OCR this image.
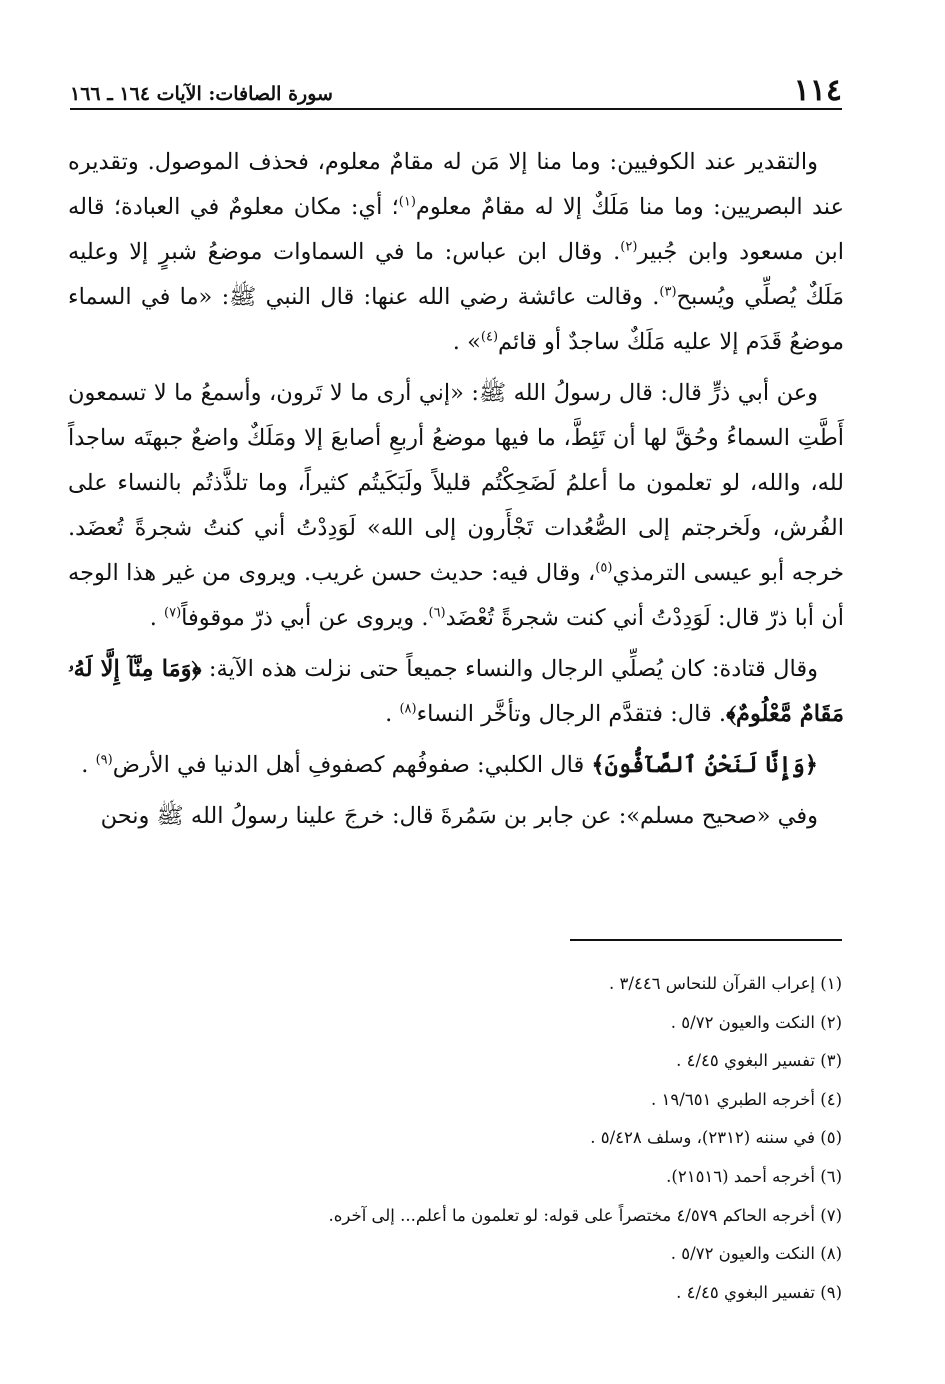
١١٤
سورة الصافات: الآيات ١٦٤ ـ ١٦٦

والتقدير عند الكوفيين: وما منا إلا مَن له مقامٌ معلوم، فحذف الموصول. وتقديره عند البصريين: وما منا مَلَكٌ إلا له مقامٌ معلوم$^{(١)}$؛ أي: مكان معلومٌ في العبادة؛ قاله ابن مسعود وابن جُبير$^{(٢)}$. وقال ابن عباس: ما في السماوات موضعُ شبرٍ إلا وعليه مَلَكٌ يُصلِّي ويُسبح$^{(٣)}$. وقالت عائشة رضي الله عنها: قال النبي ﷺ: «ما في السماء موضعُ قَدَم إلا عليه مَلَكٌ ساجدٌ أو قائم$^{(٤)}$» .

وعن أبي ذرٍّ قال: قال رسولُ الله ﷺ: «إني أرى ما لا تَرون، وأسمعُ ما لا تسمعون أَطَّتِ السماءُ وحُقَّ لها أن تَئِطَّ، ما فيها موضعُ أربعِ أصابعَ إلا ومَلَكٌ واضعٌ جبهتَه ساجداً لله، والله، لو تعلمون ما أعلمُ لَضَحِكْتُم قليلاً ولَبَكَيتُم كثيراً، وما تلذَّذتُم بالنساء على الفُرش، ولَخرجتم إلى الصُّعُدات تَجْأَرون إلى الله» لَوَدِدْتُ أني كنتُ شجرةً تُعضَد. خرجه أبو عيسى الترمذي$^{(٥)}$، وقال فيه: حديث حسن غريب. ويروى من غير هذا الوجه أن أبا ذرّ قال: لَوَدِدْتُ أني كنت شجرةً تُعْضَد$^{(٦)}$. ويروى عن أبي ذرّ موقوفاً$^{(٧)}$ .

وقال قتادة: كان يُصلِّي الرجال والنساء جميعاً حتى نزلت هذه الآية: ﴿وَمَا مِنَّآ إِلَّا لَهُۥ مَقَامٌ مَّعْلُومٌ﴾. قال: فتقدَّم الرجال وتأخَّر النساء$^{(٨)}$ .

﴿وَإِنَّا لَنَحْنُ ٱلصَّآفُّونَ﴾ قال الكلبي: صفوفُهم كصفوفِ أهل الدنيا في الأرض$^{(٩)}$ .

وفي «صحيح مسلم»: عن جابر بن سَمُرةَ قال: خرجَ علينا رسولُ الله ﷺ ونحن

(١) إعراب القرآن للنحاس ٣/٤٤٦ .
(٢) النكت والعيون ٥/٧٢ .
(٣) تفسير البغوي ٤/٤٥ .
(٤) أخرجه الطبري ١٩/٦٥١ .
(٥) في سننه (٢٣١٢)، وسلف ٥/٤٢٨ .
(٦) أخرجه أحمد (٢١٥١٦).
(٧) أخرجه الحاكم ٤/٥٧٩ مختصراً على قوله: لو تعلمون ما أعلم... إلى آخره.
(٨) النكت والعيون ٥/٧٢ .
(٩) تفسير البغوي ٤/٤٥ .
